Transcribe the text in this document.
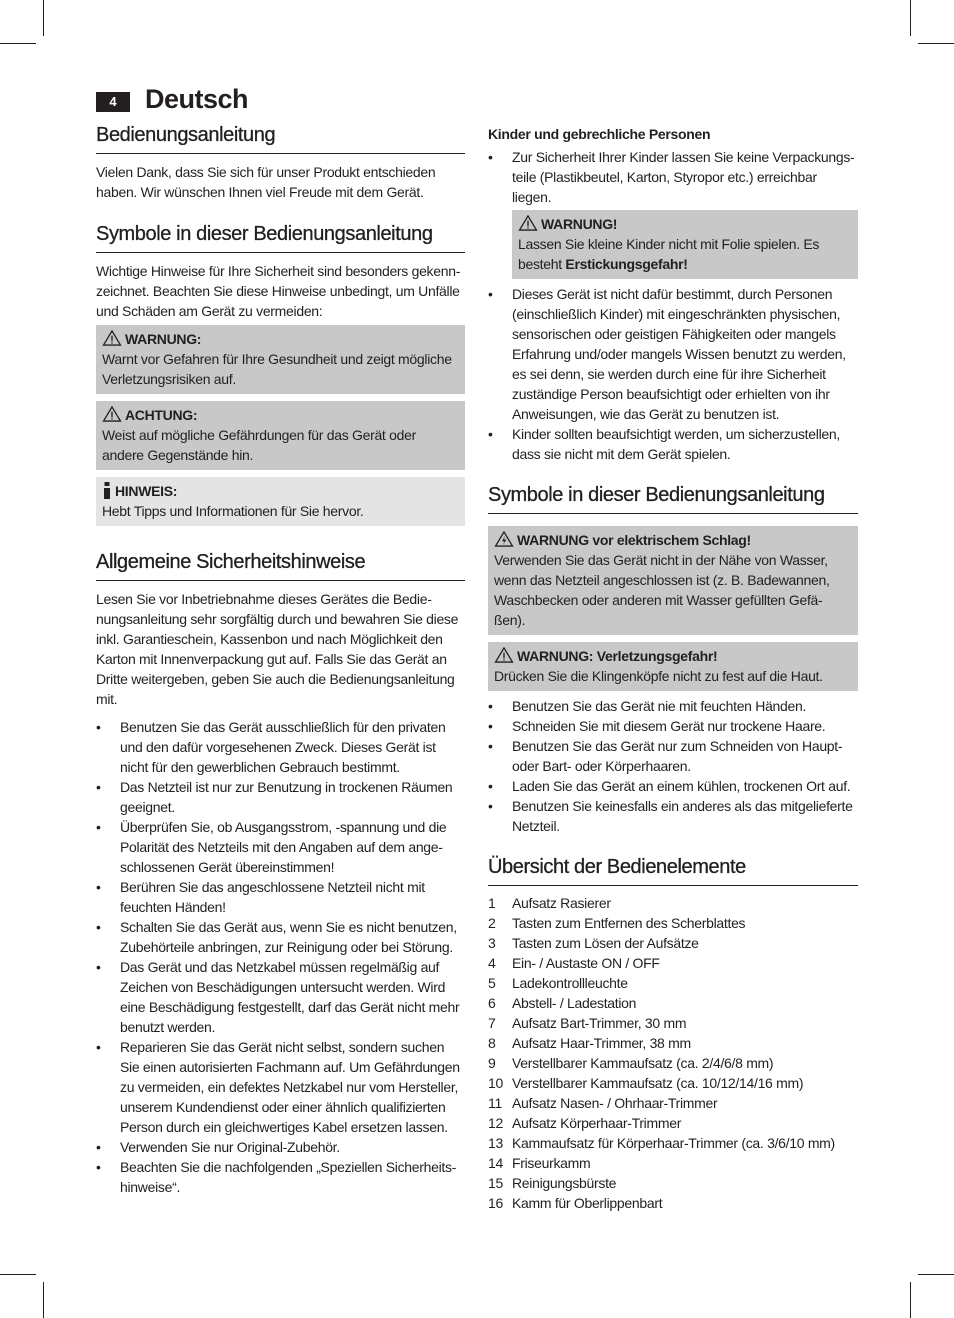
4	Deutsch
Bedienungsanleitung

Vielen Dank, dass Sie sich für unser Produkt entschieden haben. Wir wünschen Ihnen viel Freude mit dem Gerät.

Symbole in dieser Bedienungsanleitung

Wichtige Hinweise für Ihre Sicherheit sind besonders gekenn-zeichnet. Beachten Sie diese Hinweise unbedingt, um Unfälle und Schäden am Gerät zu vermeiden:

WARNUNG:

Warnt vor Gefahren für Ihre Gesundheit und zeigt mögliche Verletzungsrisiken auf.

ACHTUNG:

Weist auf mögliche Gefährdungen für das Gerät oder andere Gegenstände hin.

HINWEIS:

Hebt Tipps und Informationen für Sie hervor.

Allgemeine Sicherheitshinweise

Lesen Sie vor Inbetriebnahme dieses Gerätes die Bedie-nungsanleitung sehr sorgfältig durch und bewahren Sie diese inkl. Garantieschein, Kassenbon und nach Möglichkeit den Karton mit Innenverpackung gut auf. Falls Sie das Gerät an Dritte weitergeben, geben Sie auch die Bedienungsanleitung mit.

• Benutzen Sie das Gerät ausschließlich für den privaten und den dafür vorgesehenen Zweck. Dieses Gerät ist nicht für den gewerblichen Gebrauch bestimmt.
• Das Netzteil ist nur zur Benutzung in trockenen Räumen geeignet.
• Überprüfen Sie, ob Ausgangsstrom, -spannung und die Polarität des Netzteils mit den Angaben auf dem ange-schlossenen Gerät übereinstimmen!
• Berühren Sie das angeschlossene Netzteil nicht mit feuchten Händen!
• Schalten Sie das Gerät aus, wenn Sie es nicht benutzen, Zubehörteile anbringen, zur Reinigung oder bei Störung.
• Das Gerät und das Netzkabel müssen regelmäßig auf Zeichen von Beschädigungen untersucht werden. Wird eine Beschädigung festgestellt, darf das Gerät nicht mehr benutzt werden.
• Reparieren Sie das Gerät nicht selbst, sondern suchen Sie einen autorisierten Fachmann auf. Um Gefährdungen zu vermeiden, ein defektes Netzkabel nur vom Hersteller, unserem Kundendienst oder einer ähnlich qualifizierten Person durch ein gleichwertiges Kabel ersetzen lassen.
• Verwenden Sie nur Original-Zubehör.
• Beachten Sie die nachfolgenden „Speziellen Sicherheits-hinweise“.

Kinder und gebrechliche Personen

• Zur Sicherheit Ihrer Kinder lassen Sie keine Verpackungs-teile (Plastikbeutel, Karton, Styropor etc.) erreichbar liegen.
WARNUNG!

Lassen Sie kleine Kinder nicht mit Folie spielen. Es besteht Erstickungsgefahr!

• Dieses Gerät ist nicht dafür bestimmt, durch Personen (einschließlich Kinder) mit eingeschränkten physischen, sensorischen oder geistigen Fähigkeiten oder mangels Erfahrung und/oder mangels Wissen benutzt zu werden, es sei denn, sie werden durch eine für ihre Sicherheit zuständige Person beaufsichtigt oder erhielten von ihr Anweisungen, wie das Gerät zu benutzen ist.
• Kinder sollten beaufsichtigt werden, um sicherzustellen, dass sie nicht mit dem Gerät spielen.
Symbole in dieser Bedienungsanleitung
WARNUNG vor elektrischem Schlag!

Verwenden Sie das Gerät nicht in der Nähe von Wasser, wenn das Netzteil angeschlossen ist (z. B. Badewannen, Waschbecken oder anderen mit Wasser gefüllten Gefä-ßen).

WARNUNG: Verletzungsgefahr!

Drücken Sie die Klingenköpfe nicht zu fest auf die Haut.

• Benutzen Sie das Gerät nie mit feuchten Händen.
• Schneiden Sie mit diesem Gerät nur trockene Haare.
• Benutzen Sie das Gerät nur zum Schneiden von Haupt- oder Bart- oder Körperhaaren.
• Laden Sie das Gerät an einem kühlen, trockenen Ort auf.
• Benutzen Sie keinesfalls ein anderes als das mitgelieferte Netzteil.
Übersicht der Bedienelemente
1	Aufsatz Rasierer
2	Tasten zum Entfernen des Scherblattes
3	Tasten zum Lösen der Aufsätze
4	Ein- / Austaste ON / OFF
5	Ladekontrollleuchte
6	Abstell- / Ladestation
7	Aufsatz Bart-Trimmer, 30 mm
8	Aufsatz Haar-Trimmer, 38 mm
9	Verstellbarer Kammaufsatz (ca. 2/4/6/8 mm)
10 Verstellbarer Kammaufsatz (ca. 10/12/14/16 mm)
11 Aufsatz Nasen- / Ohrhaar-Trimmer
12 Aufsatz Körperhaar-Trimmer
13 Kammaufsatz für Körperhaar-Trimmer (ca. 3/6/10 mm)
14 Friseurkamm
15 Reinigungsbürste
16 Kamm für Oberlippenbart
